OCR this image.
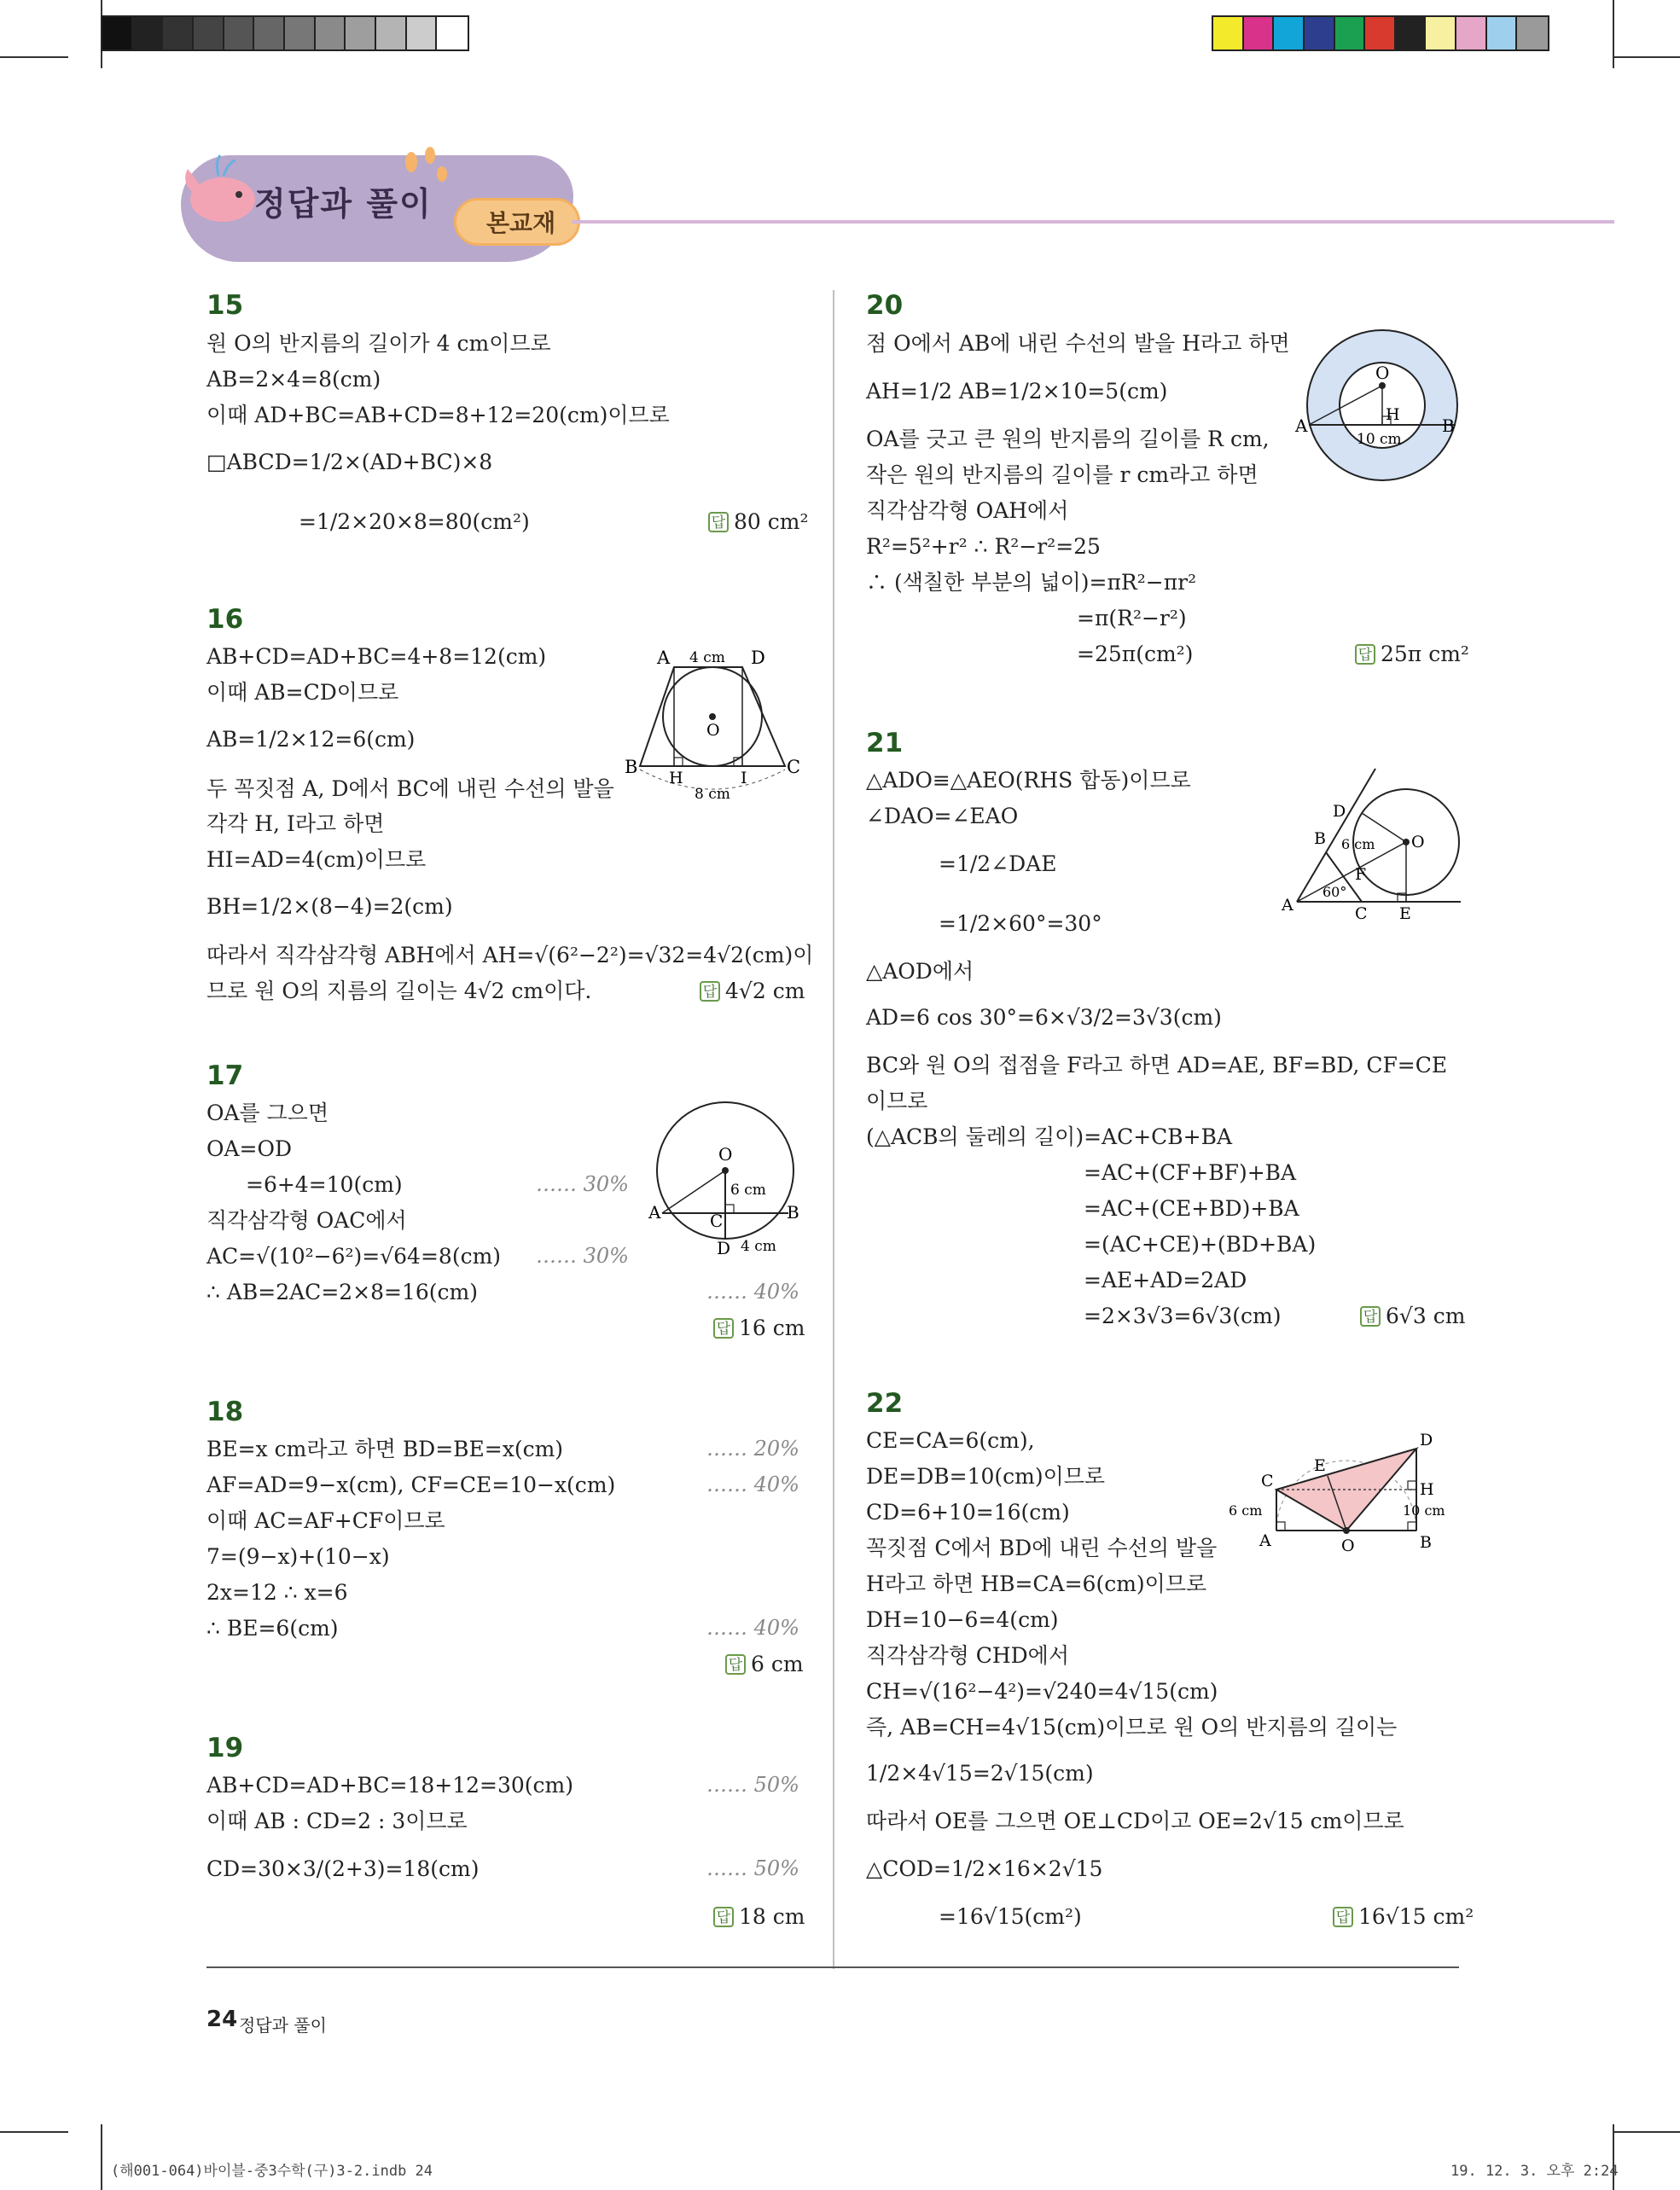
정답과 풀이
본교재
15
원 O의 반지름의 길이가 4 cm이므로
AB=2×4=8(cm)
이때 AD+BC=AB+CD=8+12=20(cm)이므로
□ABCD=1/2×(AD+BC)×8
=1/2×20×8=80(cm²)	답 80 cm²
16
AB+CD=AD+BC=4+8=12(cm)
이때 AB=CD이므로
AB=1/2×12=6(cm)
두 꼭짓점 A, D에서 BC에 내린 수선의 발을
각각 H, I라고 하면
HI=AD=4(cm)이므로
BH=1/2×(8−4)=2(cm)
따라서 직각삼각형 ABH에서 AH=√(6²−2²)=√32=4√2(cm)이
므로 원 O의 지름의 길이는 4√2 cm이다.	답 4√2 cm
A	D
B	C
H	I
O
4 cm
8 cm
17
OA를 그으면
OA=OD
=6+4=10(cm)
직각삼각형 OAC에서
AC=√(10²−6²)=√64=8(cm)
∴ AB=2AC=2×8=16(cm)
…… 30%
…… 30%
…… 40%
답 16 cm
O
A	B
C
D
6 cm
4 cm
18
BE=x cm라고 하면 BD=BE=x(cm)
AF=AD=9−x(cm), CF=CE=10−x(cm)
이때 AC=AF+CF이므로
7=(9−x)+(10−x)
2x=12 ∴ x=6
∴ BE=6(cm)
…… 20%
…… 40%
…… 40%
답 6 cm
19
AB+CD=AD+BC=18+12=30(cm)
이때 AB : CD=2 : 3이므로
CD=30×3/(2+3)=18(cm)
…… 50%
…… 50%
답 18 cm
20
점 O에서 AB에 내린 수선의 발을 H라고 하면
AH=1/2 AB=1/2×10=5(cm)
OA를 긋고 큰 원의 반지름의 길이를 R cm,
작은 원의 반지름의 길이를 r cm라고 하면
직각삼각형 OAH에서
R²=5²+r² ∴ R²−r²=25
∴ (색칠한 부분의 넓이)=πR²−πr²
=π(R²−r²)
=25π(cm²)	답 25π cm²
O
H
A	B
10 cm
21
△ADO≡△AEO(RHS 합동)이므로
∠DAO=∠EAO
=1/2∠DAE
=1/2×60°=30°
△AOD에서
AD=6 cos 30°=6×√3/2=3√3(cm)
BC와 원 O의 접점을 F라고 하면 AD=AE, BF=BD, CF=CE
이므로
(△ACB의 둘레의 길이)=AC+CB+BA
=AC+(CF+BF)+BA
=AC+(CE+BD)+BA
=(AC+CE)+(BD+BA)
=AE+AD=2AD
=2×3√3=6√3(cm)	답 6√3 cm
D
B	O
F
A	C E
6 cm
60°
22
CE=CA=6(cm),
DE=DB=10(cm)이므로
CD=6+10=16(cm)
꼭짓점 C에서 BD에 내린 수선의 발을
H라고 하면 HB=CA=6(cm)이므로
DH=10−6=4(cm)
직각삼각형 CHD에서
CH=√(16²−4²)=√240=4√15(cm)
즉, AB=CH=4√15(cm)이므로 원 O의 반지름의 길이는
1/2×4√15=2√15(cm)
따라서 OE를 그으면 OE⊥CD이고 OE=2√15 cm이므로
△COD=1/2×16×2√15
=16√15(cm²)	답 16√15 cm²
D
E
C	H
A	O	B
6 cm	10 cm
24 정답과 풀이
(해001-064)바이블-중3수학(구)3-2.indb 24	19. 12. 3. 오후 2:24
